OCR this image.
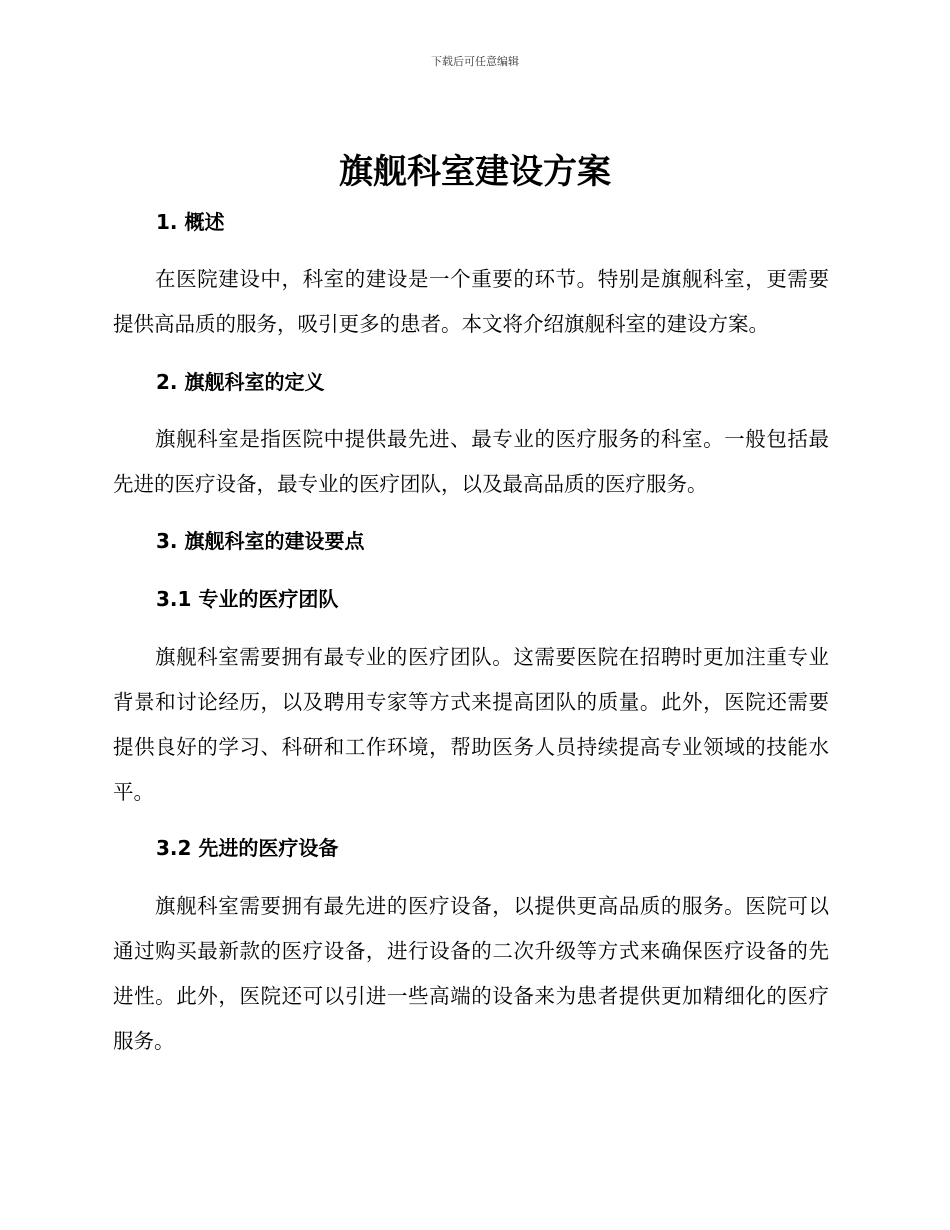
下载后可任意编辑
旗舰科室建设方案
1. 概述

在医院建设中，科室的建设是一个重要的环节。特别是旗舰科室，更需要提供高品质的服务，吸引更多的患者。本文将介绍旗舰科室的建设方案。

2. 旗舰科室的定义

旗舰科室是指医院中提供最先进、最专业的医疗服务的科室。一般包括最先进的医疗设备，最专业的医疗团队，以及最高品质的医疗服务。

3. 旗舰科室的建设要点
3.1 专业的医疗团队

旗舰科室需要拥有最专业的医疗团队。这需要医院在招聘时更加注重专业背景和讨论经历，以及聘用专家等方式来提高团队的质量。此外，医院还需要提供良好的学习、科研和工作环境，帮助医务人员持续提高专业领域的技能水平。

3.2 先进的医疗设备

旗舰科室需要拥有最先进的医疗设备，以提供更高品质的服务。医院可以通过购买最新款的医疗设备，进行设备的二次升级等方式来确保医疗设备的先进性。此外，医院还可以引进一些高端的设备来为患者提供更加精细化的医疗服务。
